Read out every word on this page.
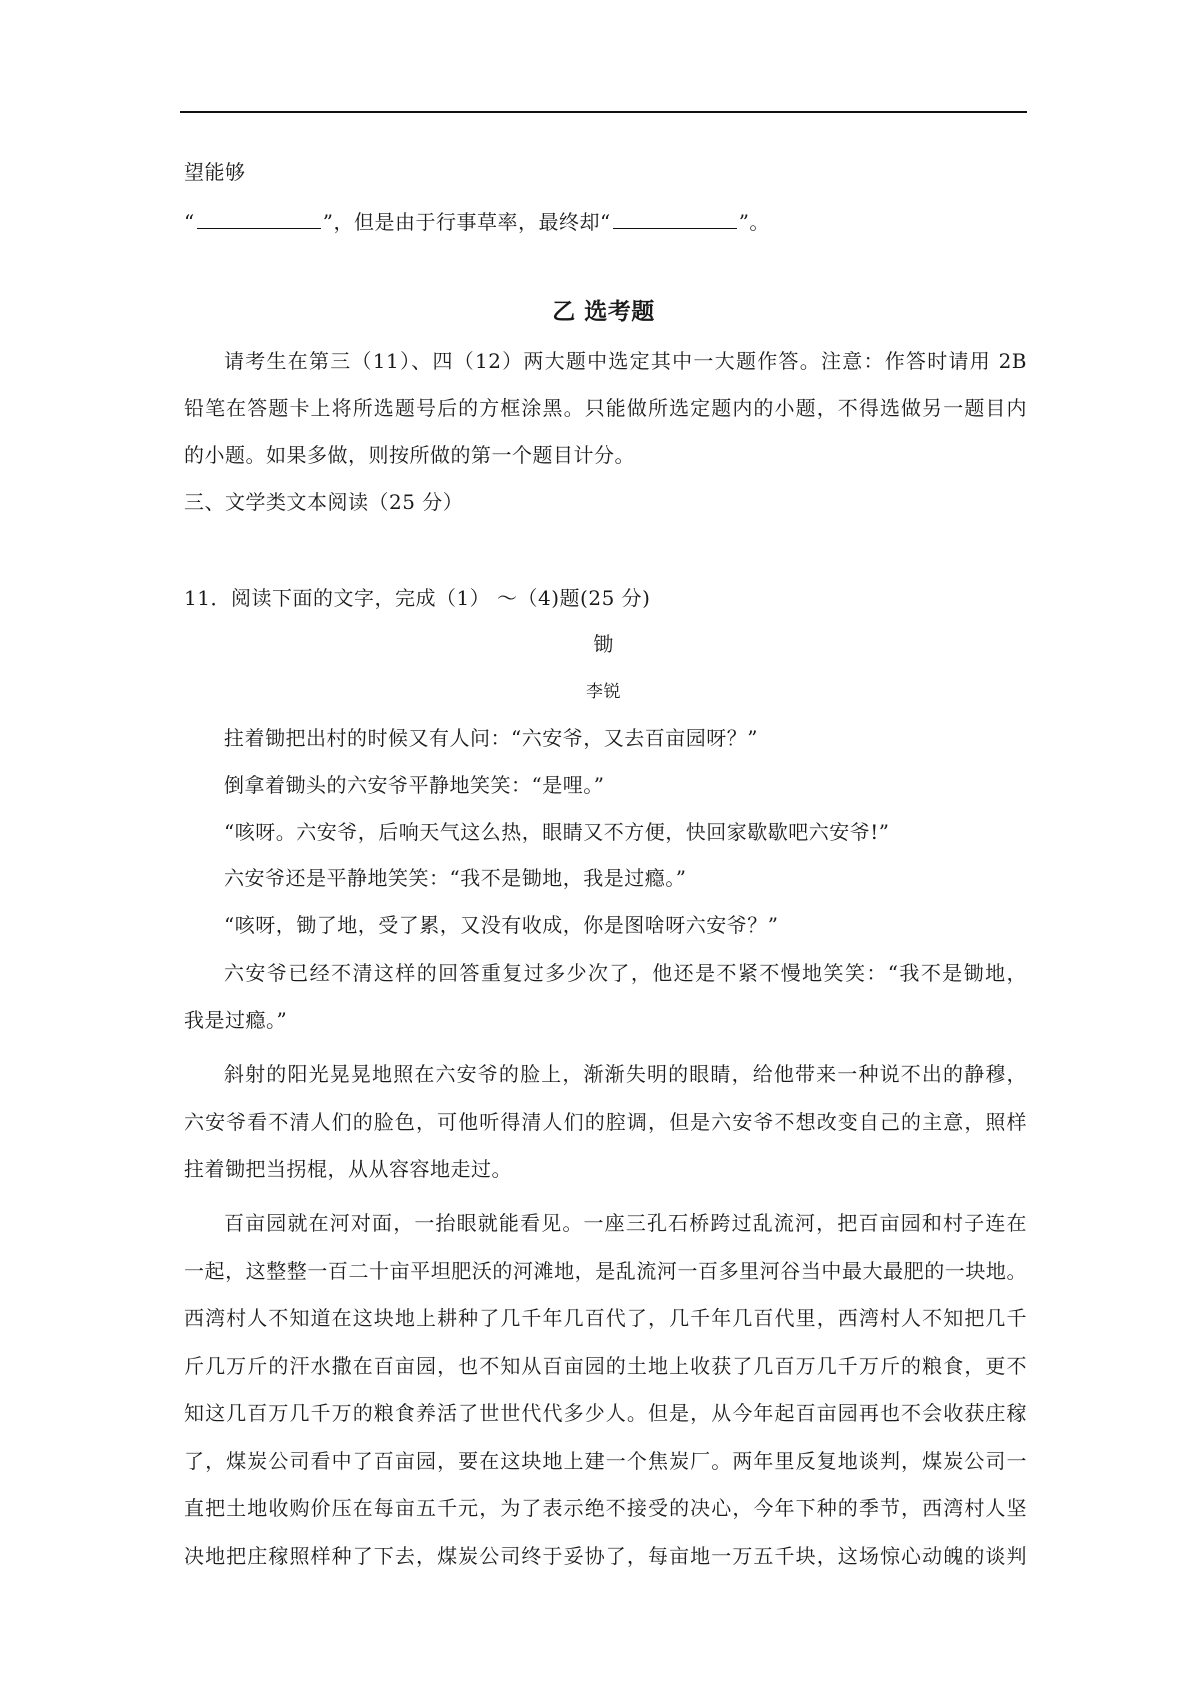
望能够
“	”，但是由于行事草率，最终却“	”。
乙 选考题
请考生在第三（11）、四（12）两大题中选定其中一大题作答。注意：作答时请用 2B
铅笔在答题卡上将所选题号后的方框涂黑。只能做所选定题内的小题，不得选做另一题目内
的小题。如果多做，则按所做的第一个题目计分。
三、文学类文本阅读（25 分）
11．阅读下面的文字，完成（1） ～（4)题(25 分)
锄
李锐
拄着锄把出村的时候又有人问：“六安爷，又去百亩园呀？”
倒拿着锄头的六安爷平静地笑笑：“是哩。”
“咳呀。六安爷，后响天气这么热，眼睛又不方便，快回家歇歇吧六安爷!”
六安爷还是平静地笑笑：“我不是锄地，我是过瘾。”
“咳呀，锄了地，受了累，又没有收成，你是图啥呀六安爷？”
六安爷已经不清这样的回答重复过多少次了，他还是不紧不慢地笑笑：“我不是锄地，
我是过瘾。”
斜射的阳光晃晃地照在六安爷的脸上，渐渐失明的眼睛，给他带来一种说不出的静穆，
六安爷看不清人们的脸色，可他听得清人们的腔调，但是六安爷不想改变自己的主意，照样
拄着锄把当拐棍，从从容容地走过。
百亩园就在河对面，一抬眼就能看见。一座三孔石桥跨过乱流河，把百亩园和村子连在
一起，这整整一百二十亩平坦肥沃的河滩地，是乱流河一百多里河谷当中最大最肥的一块地。
西湾村人不知道在这块地上耕种了几千年几百代了，几千年几百代里，西湾村人不知把几千
斤几万斤的汗水撒在百亩园，也不知从百亩园的土地上收获了几百万几千万斤的粮食，更不
知这几百万几千万的粮食养活了世世代代多少人。但是，从今年起百亩园再也不会收获庄稼
了，煤炭公司看中了百亩园，要在这块地上建一个焦炭厂。两年里反复地谈判，煤炭公司一
直把土地收购价压在每亩五千元，为了表示绝不接受的决心，今年下种的季节，西湾村人坚
决地把庄稼照样种了下去，煤炭公司终于妥协了，每亩地一万五千块，这场惊心动魄的谈判
